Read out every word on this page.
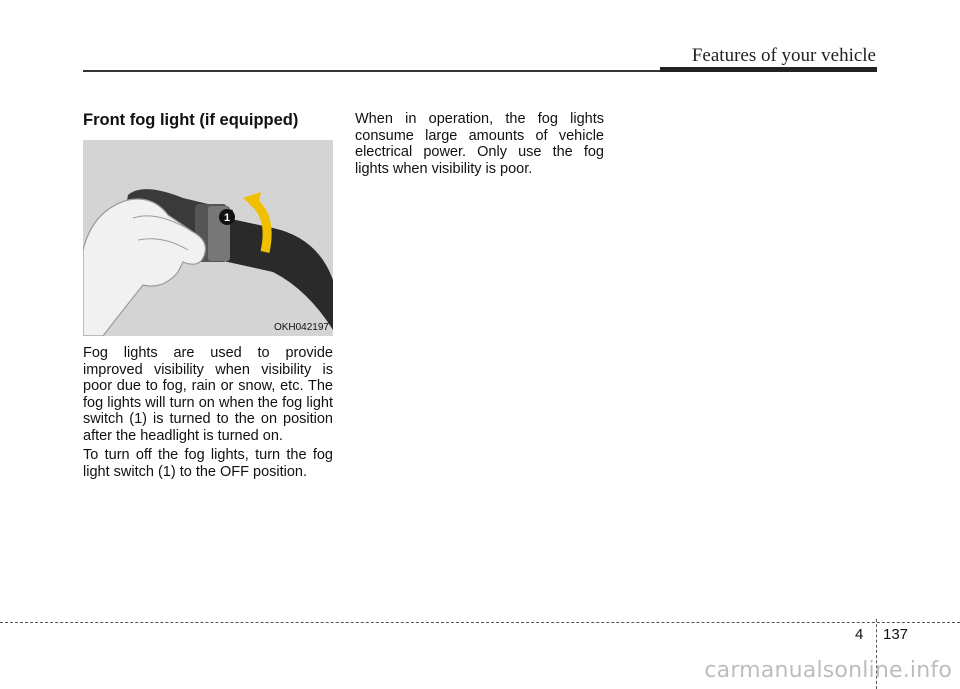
Features of your vehicle
Front fog light (if equipped)
1
OKH042197

Fog lights are used to provide improved visibility when visibility is poor due to fog, rain or snow, etc. The fog lights will turn on when the fog light switch (1) is turned to the on position after the headlight is turned on.

To turn off the fog lights, turn the fog light switch (1) to the OFF position.

When in operation, the fog lights consume large amounts of vehicle electrical power. Only use the fog lights when visibility is poor.

4 137
carmanualsonline.info
